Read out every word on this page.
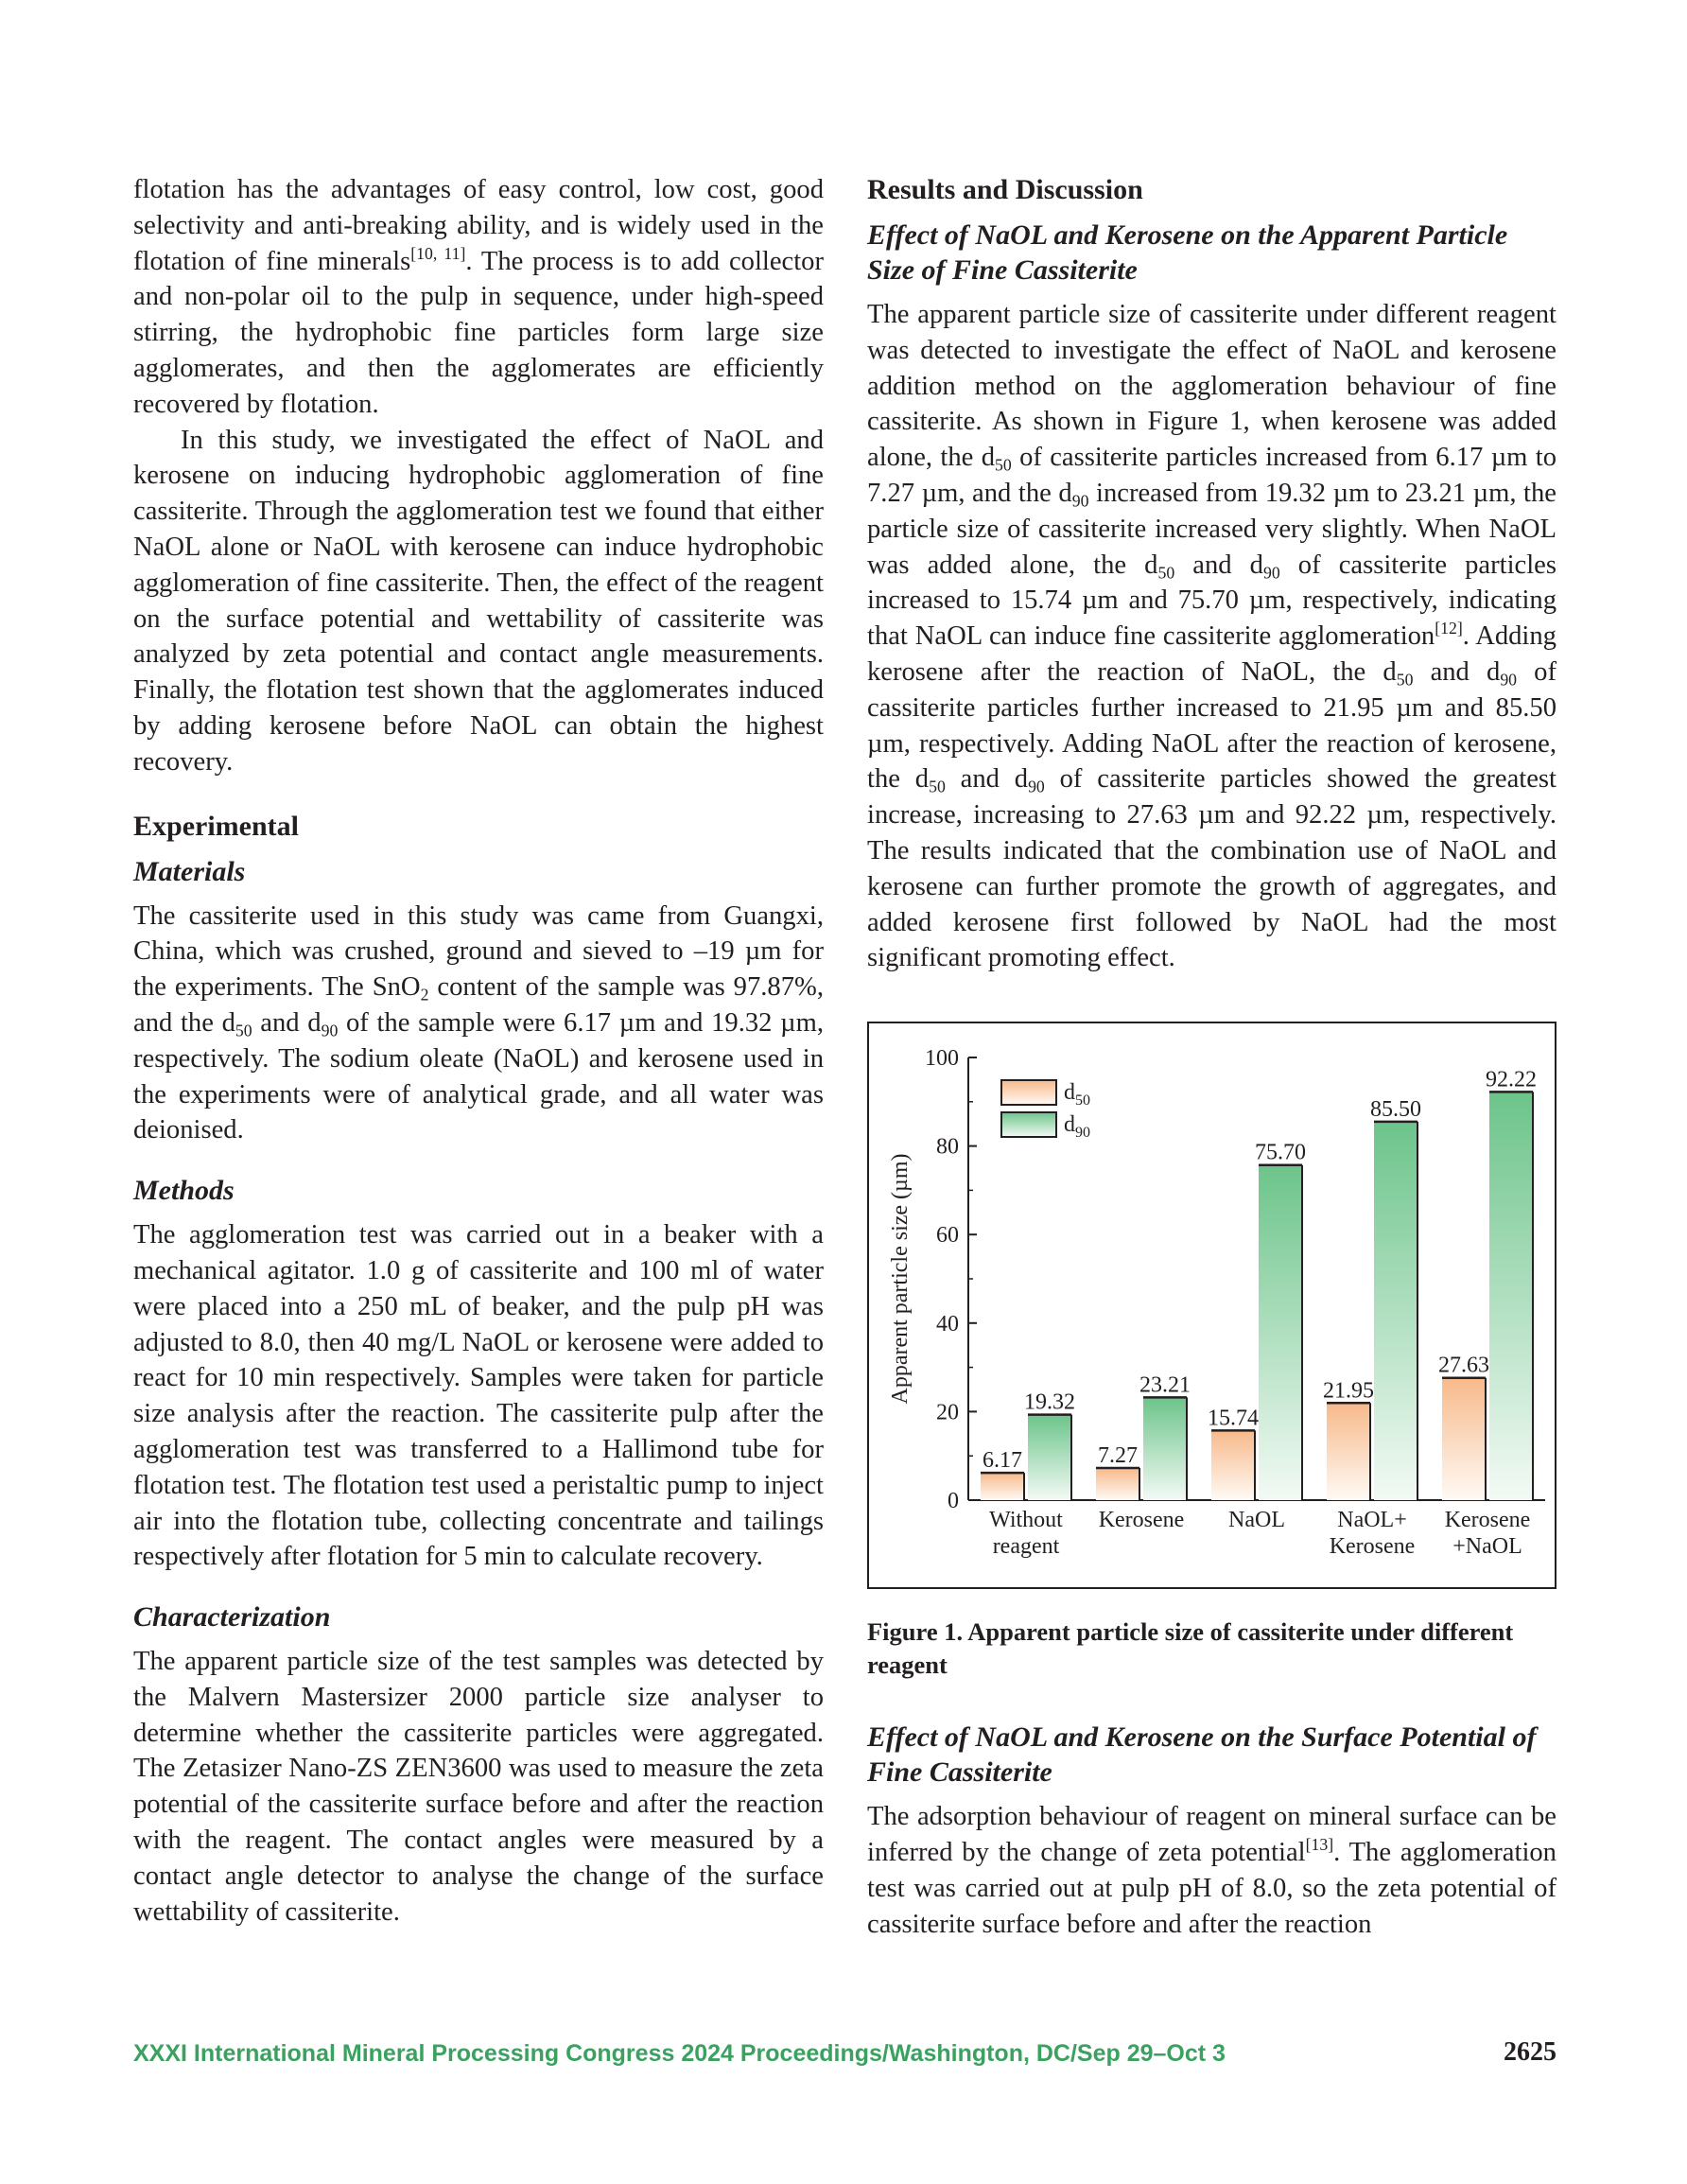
flotation has the advantages of easy control, low cost, good selectivity and anti-breaking ability, and is widely used in the flotation of fine minerals[10, 11]. The process is to add collector and non-polar oil to the pulp in sequence, under high-speed stirring, the hydrophobic fine particles form large size agglomerates, and then the agglomerates are efficiently recovered by flotation.

In this study, we investigated the effect of NaOL and kerosene on inducing hydrophobic agglomeration of fine cassiterite. Through the agglomeration test we found that either NaOL alone or NaOL with kerosene can induce hydrophobic agglomeration of fine cassiterite. Then, the effect of the reagent on the surface potential and wettability of cassiterite was analyzed by zeta potential and contact angle measurements. Finally, the flotation test shown that the agglomerates induced by adding kerosene before NaOL can obtain the highest recovery.

Experimental
Materials

The cassiterite used in this study was came from Guangxi, China, which was crushed, ground and sieved to –19 µm for the experiments. The SnO$_2$ content of the sample was 97.87%, and the $d_{50}$ and $d_{90}$ of the sample were 6.17 µm and 19.32 µm, respectively. The sodium oleate (NaOL) and kerosene used in the experiments were of analytical grade, and all water was deionised.

Methods

The agglomeration test was carried out in a beaker with a mechanical agitator. 1.0 g of cassiterite and 100 ml of water were placed into a 250 mL of beaker, and the pulp pH was adjusted to 8.0, then 40 mg/L NaOL or kerosene were added to react for 10 min respectively. Samples were taken for particle size analysis after the reaction. The cassiterite pulp after the agglomeration test was transferred to a Hallimond tube for flotation test. The flotation test used a peristaltic pump to inject air into the flotation tube, collecting concentrate and tailings respectively after flotation for 5 min to calculate recovery.

Characterization

The apparent particle size of the test samples was detected by the Malvern Mastersizer 2000 particle size analyser to determine whether the cassiterite particles were aggregated. The Zetasizer Nano-ZS ZEN3600 was used to measure the zeta potential of the cassiterite surface before and after the reaction with the reagent. The contact angles were measured by a contact angle detector to analyse the change of the surface wettability of cassiterite.

Results and Discussion
Effect of NaOL and Kerosene on the Apparent Particle Size of Fine Cassiterite

The apparent particle size of cassiterite under different reagent was detected to investigate the effect of NaOL and kerosene addition method on the agglomeration behaviour of fine cassiterite. As shown in Figure 1, when kerosene was added alone, the $d_{50}$ of cassiterite particles increased from 6.17 µm to 7.27 µm, and the $d_{90}$ increased from 19.32 µm to 23.21 µm, the particle size of cassiterite increased very slightly. When NaOL was added alone, the $d_{50}$ and $d_{90}$ of cassiterite particles increased to 15.74 µm and 75.70 µm, respectively, indicating that NaOL can induce fine cassiterite agglomeration[12]. Adding kerosene after the reaction of NaOL, the $d_{50}$ and $d_{90}$ of cassiterite particles further increased to 21.95 µm and 85.50 µm, respectively. Adding NaOL after the reaction of kerosene, the $d_{50}$ and $d_{90}$ of cassiterite particles showed the greatest increase, increasing to 27.63 µm and 92.22 µm, respectively. The results indicated that the combination use of NaOL and kerosene can further promote the growth of aggregates, and added kerosene first followed by NaOL had the most significant promoting effect.

0
20
40
60
80
100
Apparent particle size (µm)
6.17
19.32
Without
reagent
7.27
23.21
Kerosene
15.74
75.70
NaOL
21.95
85.50
NaOL+
Kerosene
27.63
92.22
Kerosene
+NaOL
$d_{50}$
$d_{90}$

Figure 1. Apparent particle size of cassiterite under different reagent

Effect of NaOL and Kerosene on the Surface Potential of Fine Cassiterite

The adsorption behaviour of reagent on mineral surface can be inferred by the change of zeta potential[13]. The agglomeration test was carried out at pulp pH of 8.0, so the zeta potential of cassiterite surface before and after the reaction

XXXI International Mineral Processing Congress 2024 Proceedings/Washington, DC/Sep 29–Oct 3	2625
